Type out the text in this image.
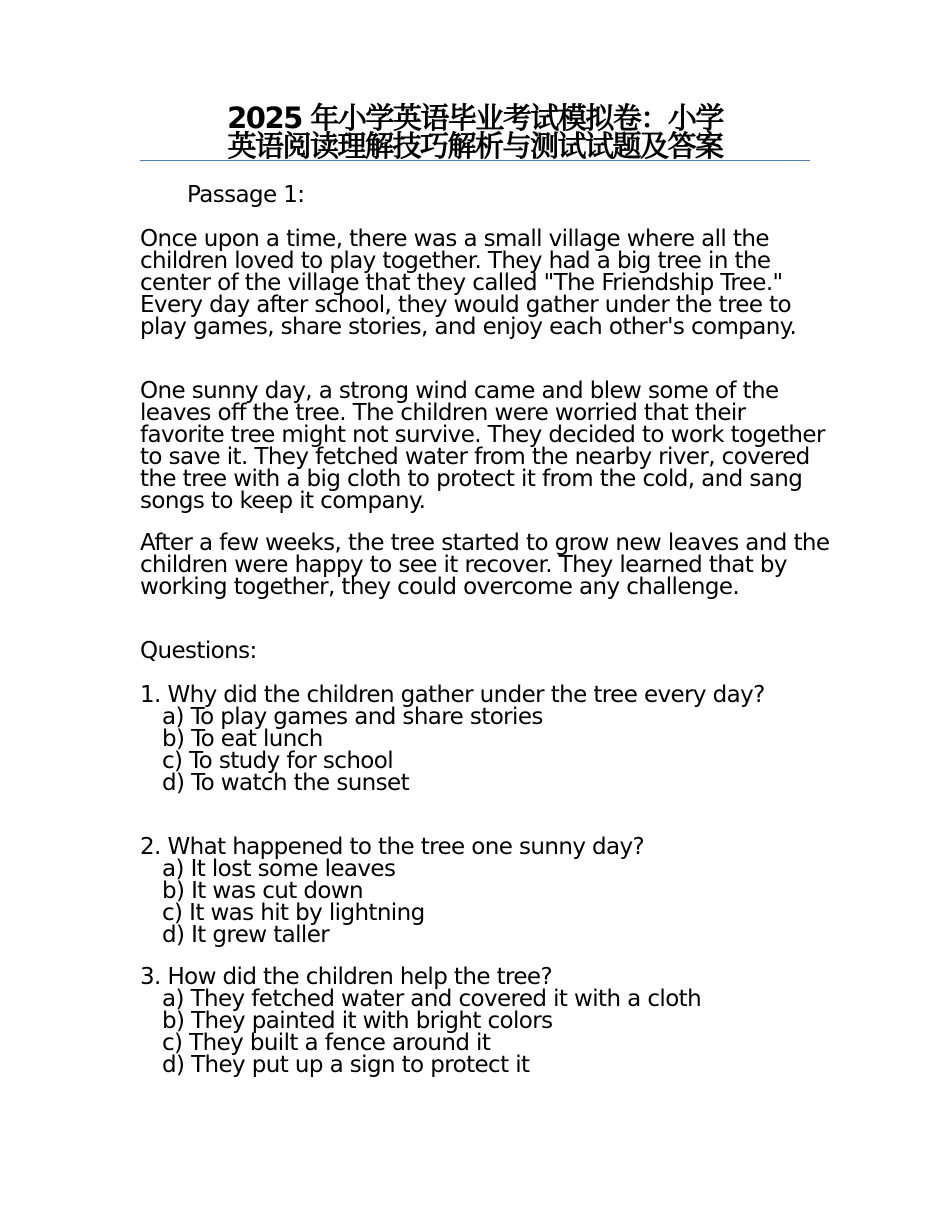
2025 年小学英语毕业考试模拟卷：小学
英语阅读理解技巧解析与测试试题及答案
Passage 1:

Once upon a time, there was a small village where all the children loved to play together. They had a big tree in the center of the village that they called "The Friendship Tree." Every day after school, they would gather under the tree to play games, share stories, and enjoy each other's company.

One sunny day, a strong wind came and blew some of the leaves off the tree. The children were worried that their favorite tree might not survive. They decided to work together to save it. They fetched water from the nearby river, covered the tree with a big cloth to protect it from the cold, and sang songs to keep it company.

After a few weeks, the tree started to grow new leaves and the children were happy to see it recover. They learned that by working together, they could overcome any challenge.

Questions:

1. Why did the children gather under the tree every day?
a) To play games and share stories
b) To eat lunch
c) To study for school
d) To watch the sunset
2. What happened to the tree one sunny day?
a) It lost some leaves
b) It was cut down
c) It was hit by lightning
d) It grew taller
3. How did the children help the tree?
a) They fetched water and covered it with a cloth
b) They painted it with bright colors
c) They built a fence around it
d) They put up a sign to protect it
